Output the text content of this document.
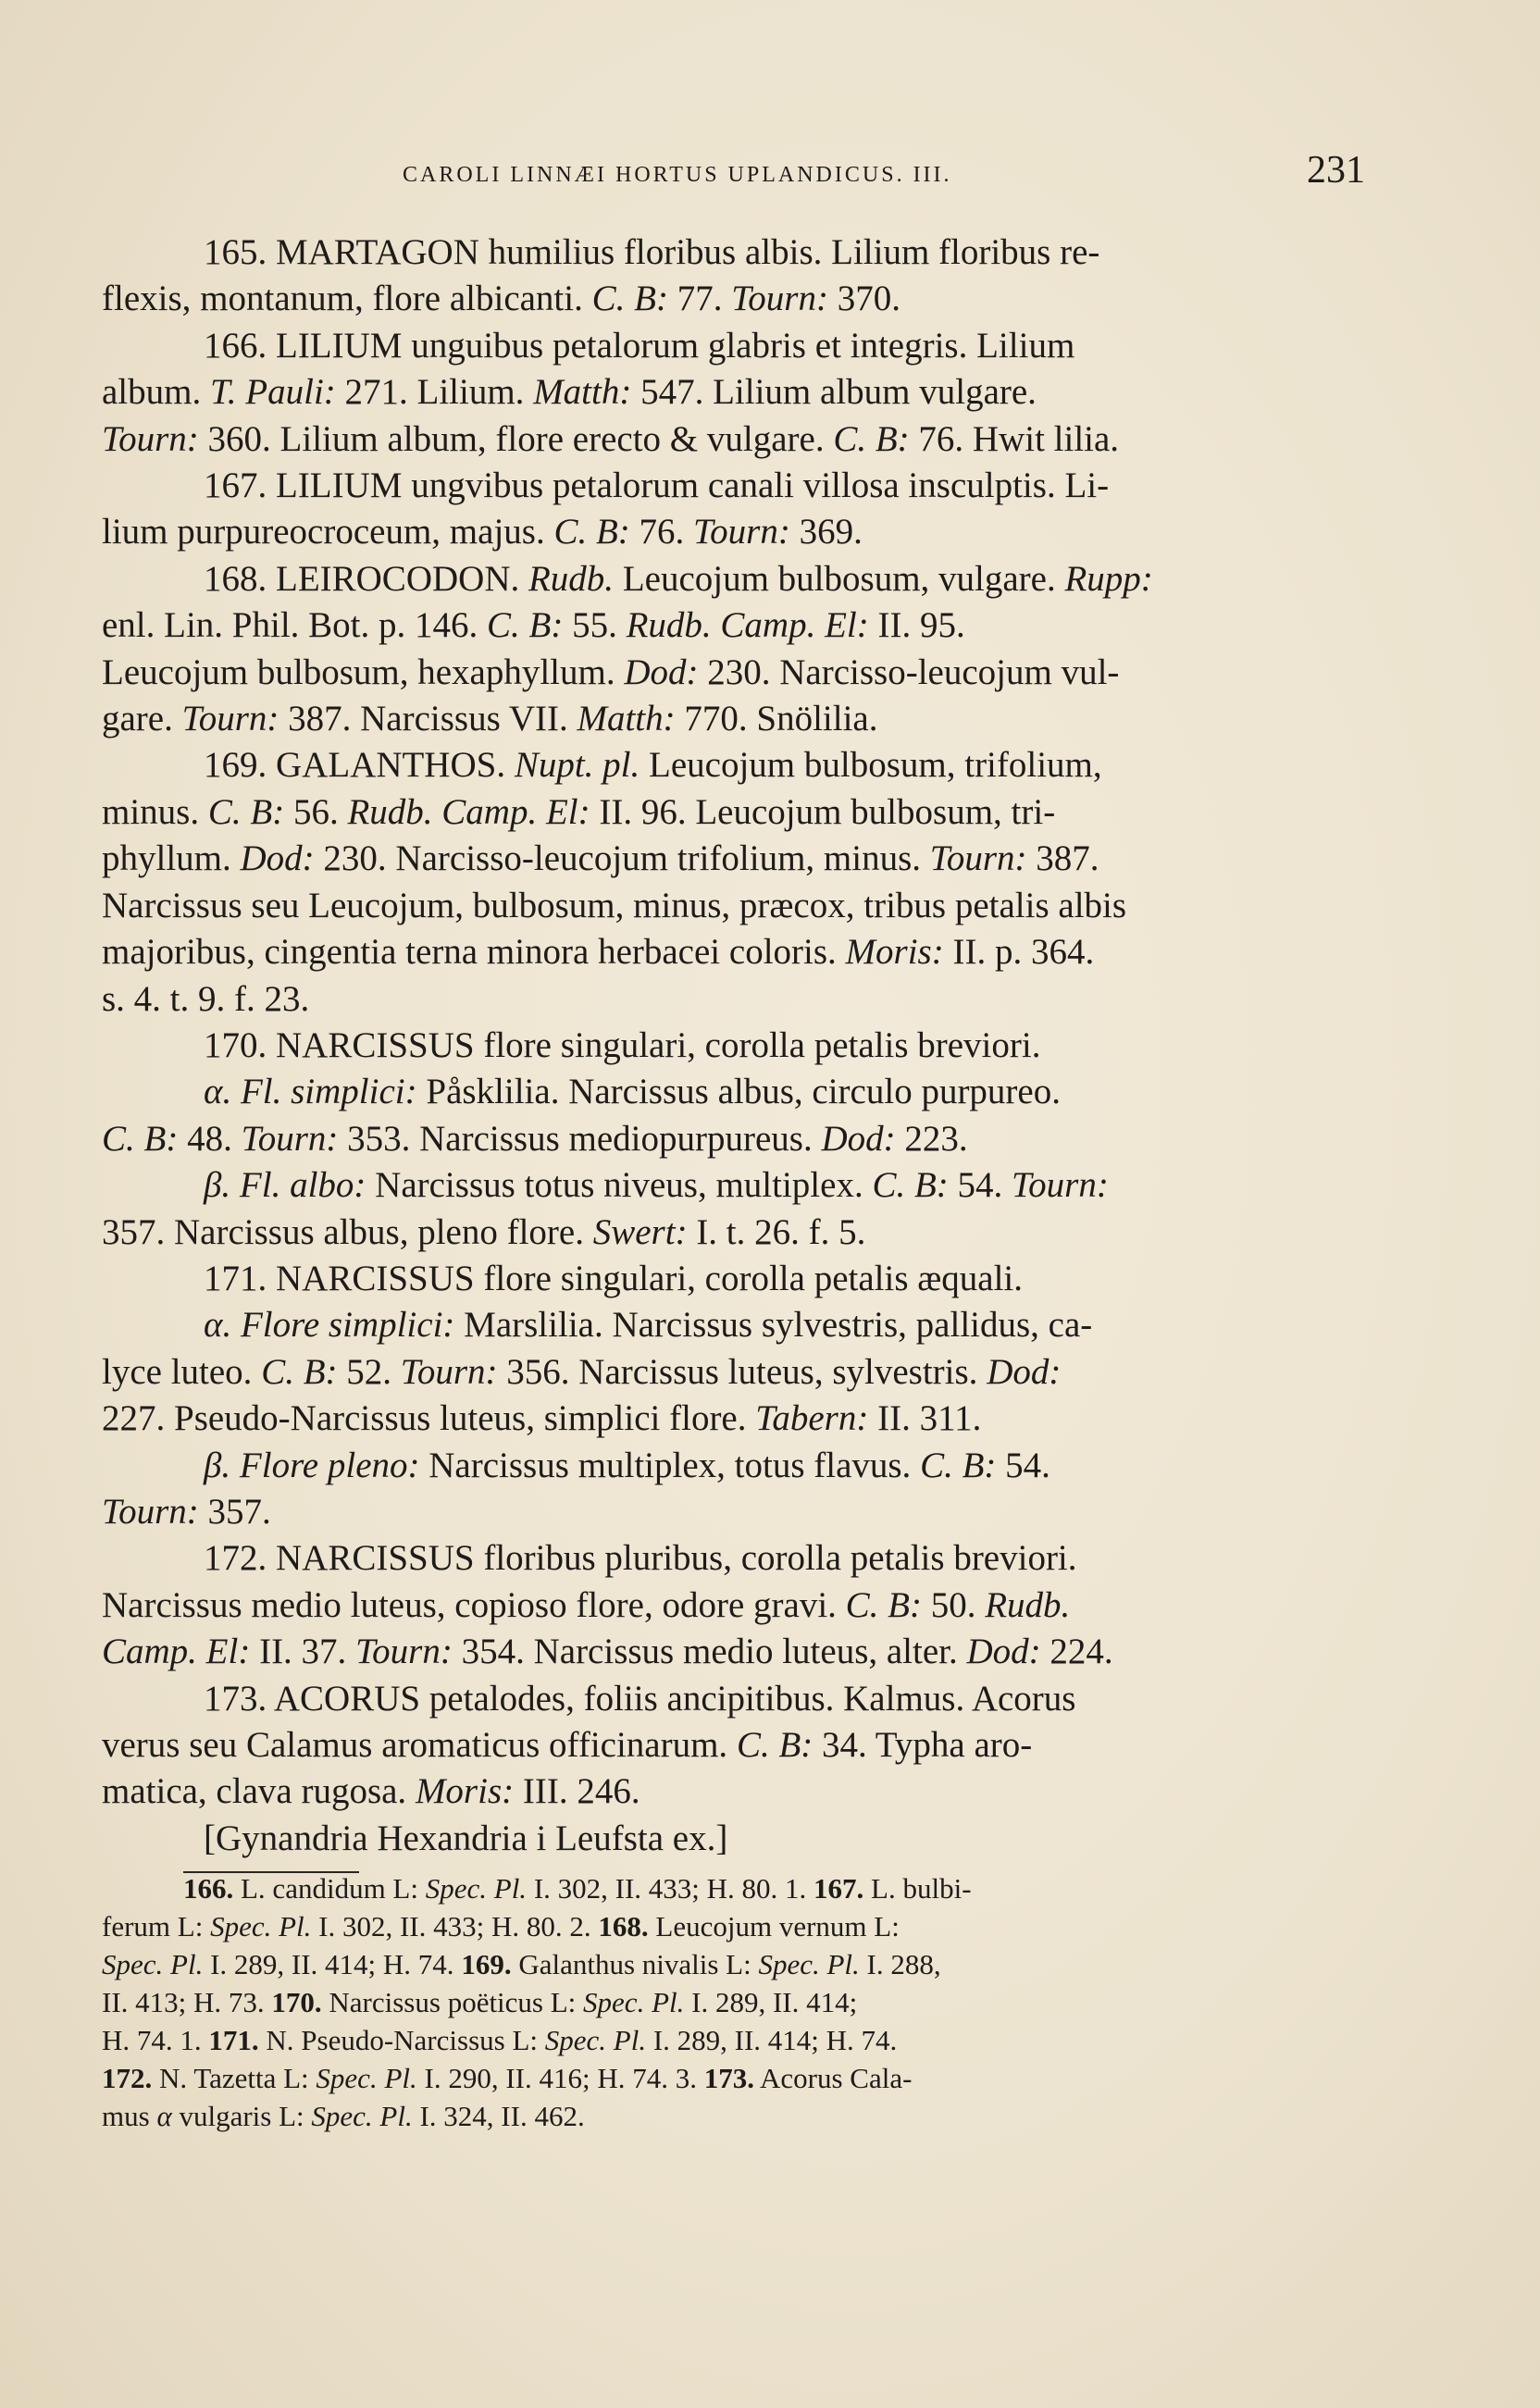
CAROLI LINNÆI HORTUS UPLANDICUS. III.	231

165. MARTAGON humilius floribus albis. Lilium floribus re-

flexis, montanum, flore albicanti. C. B: 77. Tourn: 370.

166. LILIUM unguibus petalorum glabris et integris. Lilium

album. T. Pauli: 271. Lilium. Matth: 547. Lilium album vulgare.

Tourn: 360. Lilium album, flore erecto & vulgare. C. B: 76. Hwit lilia.

167. LILIUM ungvibus petalorum canali villosa insculptis. Li-

lium purpureocroceum, majus. C. B: 76. Tourn: 369.

168. LEIROCODON. Rudb. Leucojum bulbosum, vulgare. Rupp:

enl. Lin. Phil. Bot. p. 146. C. B: 55. Rudb. Camp. El: II. 95.

Leucojum bulbosum, hexaphyllum. Dod: 230. Narcisso-leucojum vul-

gare. Tourn: 387. Narcissus VII. Matth: 770. Snölilia.

169. GALANTHOS. Nupt. pl. Leucojum bulbosum, trifolium,

minus. C. B: 56. Rudb. Camp. El: II. 96. Leucojum bulbosum, tri-

phyllum. Dod: 230. Narcisso-leucojum trifolium, minus. Tourn: 387.

Narcissus seu Leucojum, bulbosum, minus, præcox, tribus petalis albis

majoribus, cingentia terna minora herbacei coloris. Moris: II. p. 364.

s. 4. t. 9. f. 23.

170. NARCISSUS flore singulari, corolla petalis breviori.

α. Fl. simplici: Påsklilia. Narcissus albus, circulo purpureo.

C. B: 48. Tourn: 353. Narcissus mediopurpureus. Dod: 223.

β. Fl. albo: Narcissus totus niveus, multiplex. C. B: 54. Tourn:

357. Narcissus albus, pleno flore. Swert: I. t. 26. f. 5.

171. NARCISSUS flore singulari, corolla petalis æquali.

α. Flore simplici: Marslilia. Narcissus sylvestris, pallidus, ca-

lyce luteo. C. B: 52. Tourn: 356. Narcissus luteus, sylvestris. Dod:

227. Pseudo-Narcissus luteus, simplici flore. Tabern: II. 311.

β. Flore pleno: Narcissus multiplex, totus flavus. C. B: 54.

Tourn: 357.

172. NARCISSUS floribus pluribus, corolla petalis breviori.

Narcissus medio luteus, copioso flore, odore gravi. C. B: 50. Rudb.

Camp. El: II. 37. Tourn: 354. Narcissus medio luteus, alter. Dod: 224.

173. ACORUS petalodes, foliis ancipitibus. Kalmus. Acorus

verus seu Calamus aromaticus officinarum. C. B: 34. Typha aro-

matica, clava rugosa. Moris: III. 246.

[Gynandria Hexandria i Leufsta ex.]

166. L. candidum L: Spec. Pl. I. 302, II. 433; H. 80. 1. 167. L. bulbi-

ferum L: Spec. Pl. I. 302, II. 433; H. 80. 2. 168. Leucojum vernum L:

Spec. Pl. I. 289, II. 414; H. 74. 169. Galanthus nivalis L: Spec. Pl. I. 288,

II. 413; H. 73. 170. Narcissus poëticus L: Spec. Pl. I. 289, II. 414;

H. 74. 1. 171. N. Pseudo-Narcissus L: Spec. Pl. I. 289, II. 414; H. 74.

172. N. Tazetta L: Spec. Pl. I. 290, II. 416; H. 74. 3. 173. Acorus Cala-

mus α vulgaris L: Spec. Pl. I. 324, II. 462.
